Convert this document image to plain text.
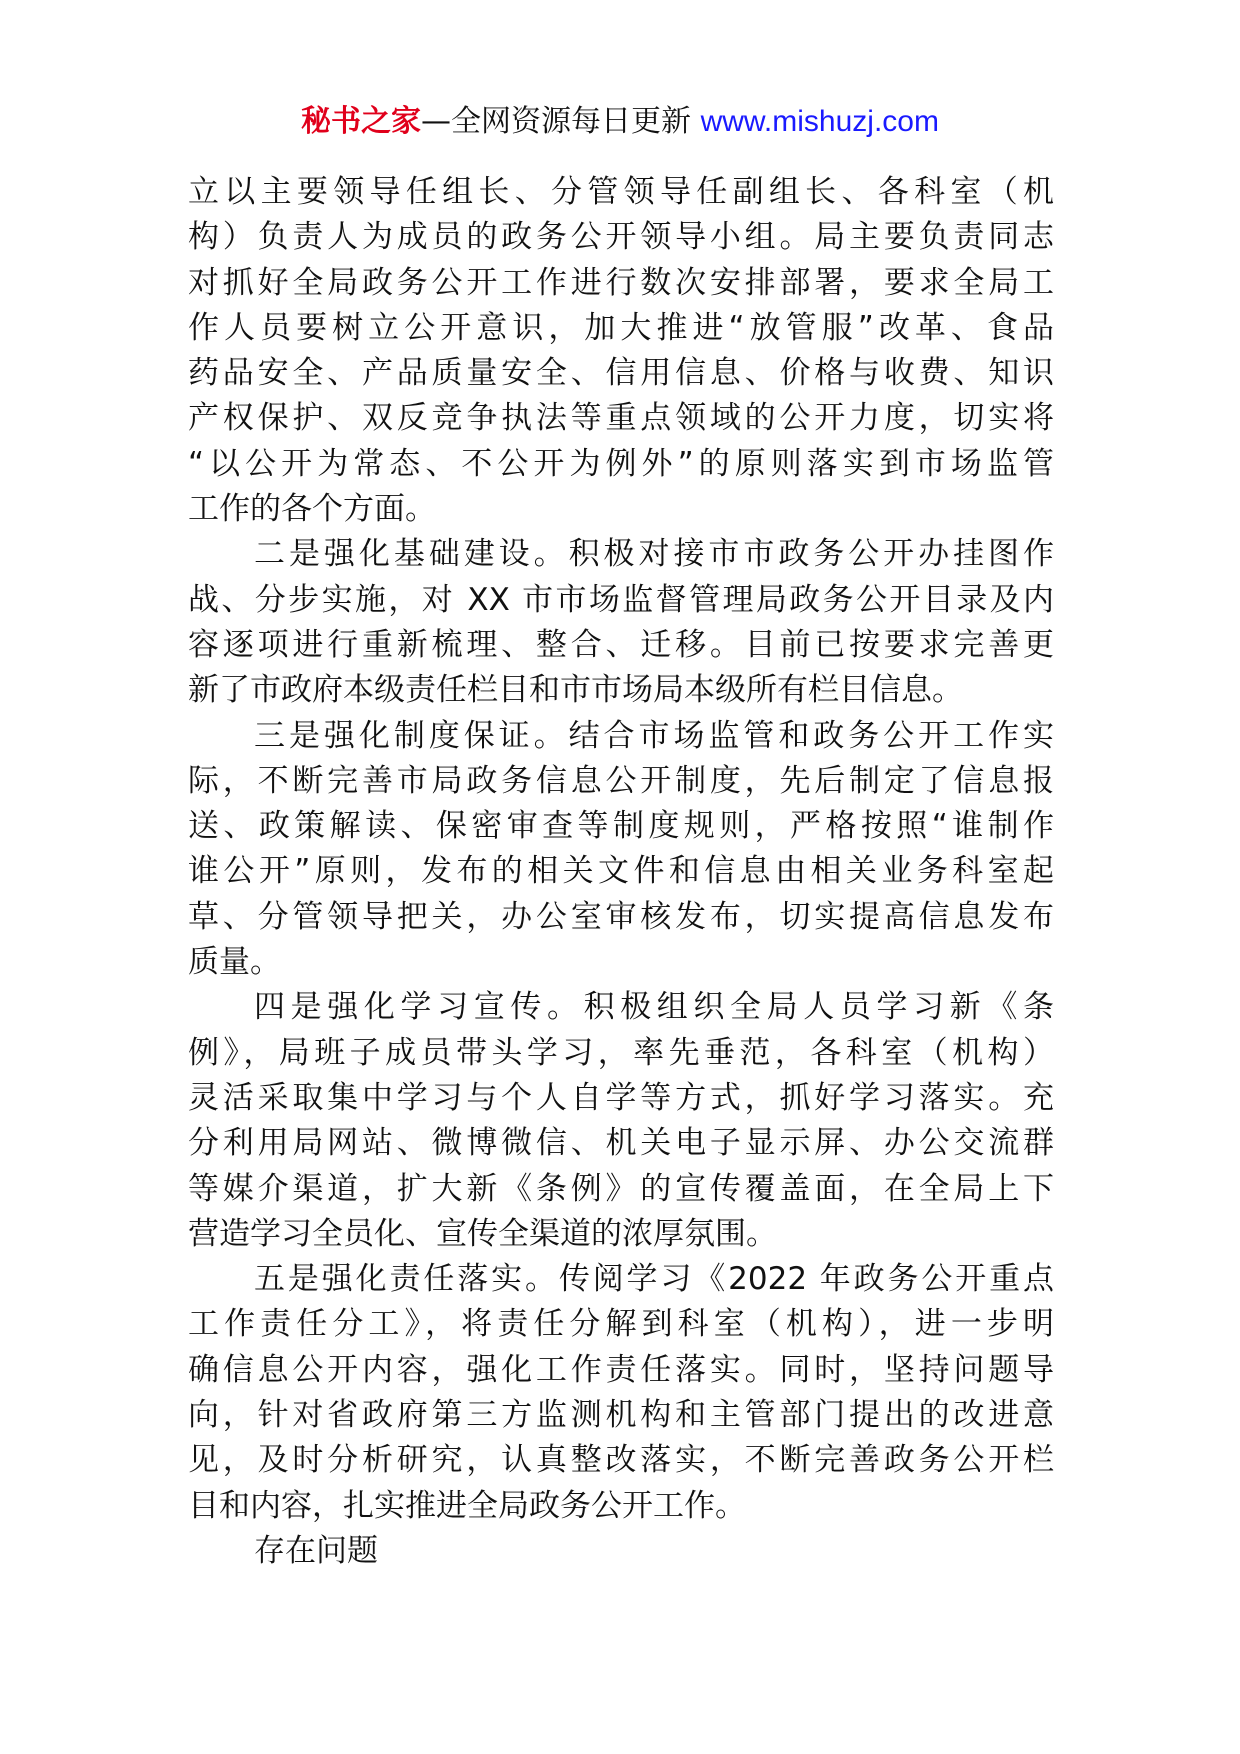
秘书之家—全网资源每日更新 www.mishuzj.com
立以主要领导任组长、分管领导任副组长、各科室（机
构）负责人为成员的政务公开领导小组。局主要负责同志
对抓好全局政务公开工作进行数次安排部署，要求全局工
作人员要树立公开意识，加大推进“放管服”改革、食品
药品安全、产品质量安全、信用信息、价格与收费、知识
产权保护、双反竞争执法等重点领域的公开力度，切实将
“以公开为常态、不公开为例外”的原则落实到市场监管
工作的各个方面。
二是强化基础建设。积极对接市市政务公开办挂图作
战、分步实施，对 XX 市市场监督管理局政务公开目录及内
容逐项进行重新梳理、整合、迁移。目前已按要求完善更
新了市政府本级责任栏目和市市场局本级所有栏目信息。
三是强化制度保证。结合市场监管和政务公开工作实
际，不断完善市局政务信息公开制度，先后制定了信息报
送、政策解读、保密审查等制度规则，严格按照“谁制作
谁公开”原则，发布的相关文件和信息由相关业务科室起
草、分管领导把关，办公室审核发布，切实提高信息发布
质量。
四是强化学习宣传。积极组织全局人员学习新《条
例》，局班子成员带头学习，率先垂范，各科室（机构）
灵活采取集中学习与个人自学等方式，抓好学习落实。充
分利用局网站、微博微信、机关电子显示屏、办公交流群
等媒介渠道，扩大新《条例》的宣传覆盖面，在全局上下
营造学习全员化、宣传全渠道的浓厚氛围。
五是强化责任落实。传阅学习《2022 年政务公开重点
工作责任分工》，将责任分解到科室（机构），进一步明
确信息公开内容，强化工作责任落实。同时，坚持问题导
向，针对省政府第三方监测机构和主管部门提出的改进意
见，及时分析研究，认真整改落实，不断完善政务公开栏
目和内容，扎实推进全局政务公开工作。
存在问题
